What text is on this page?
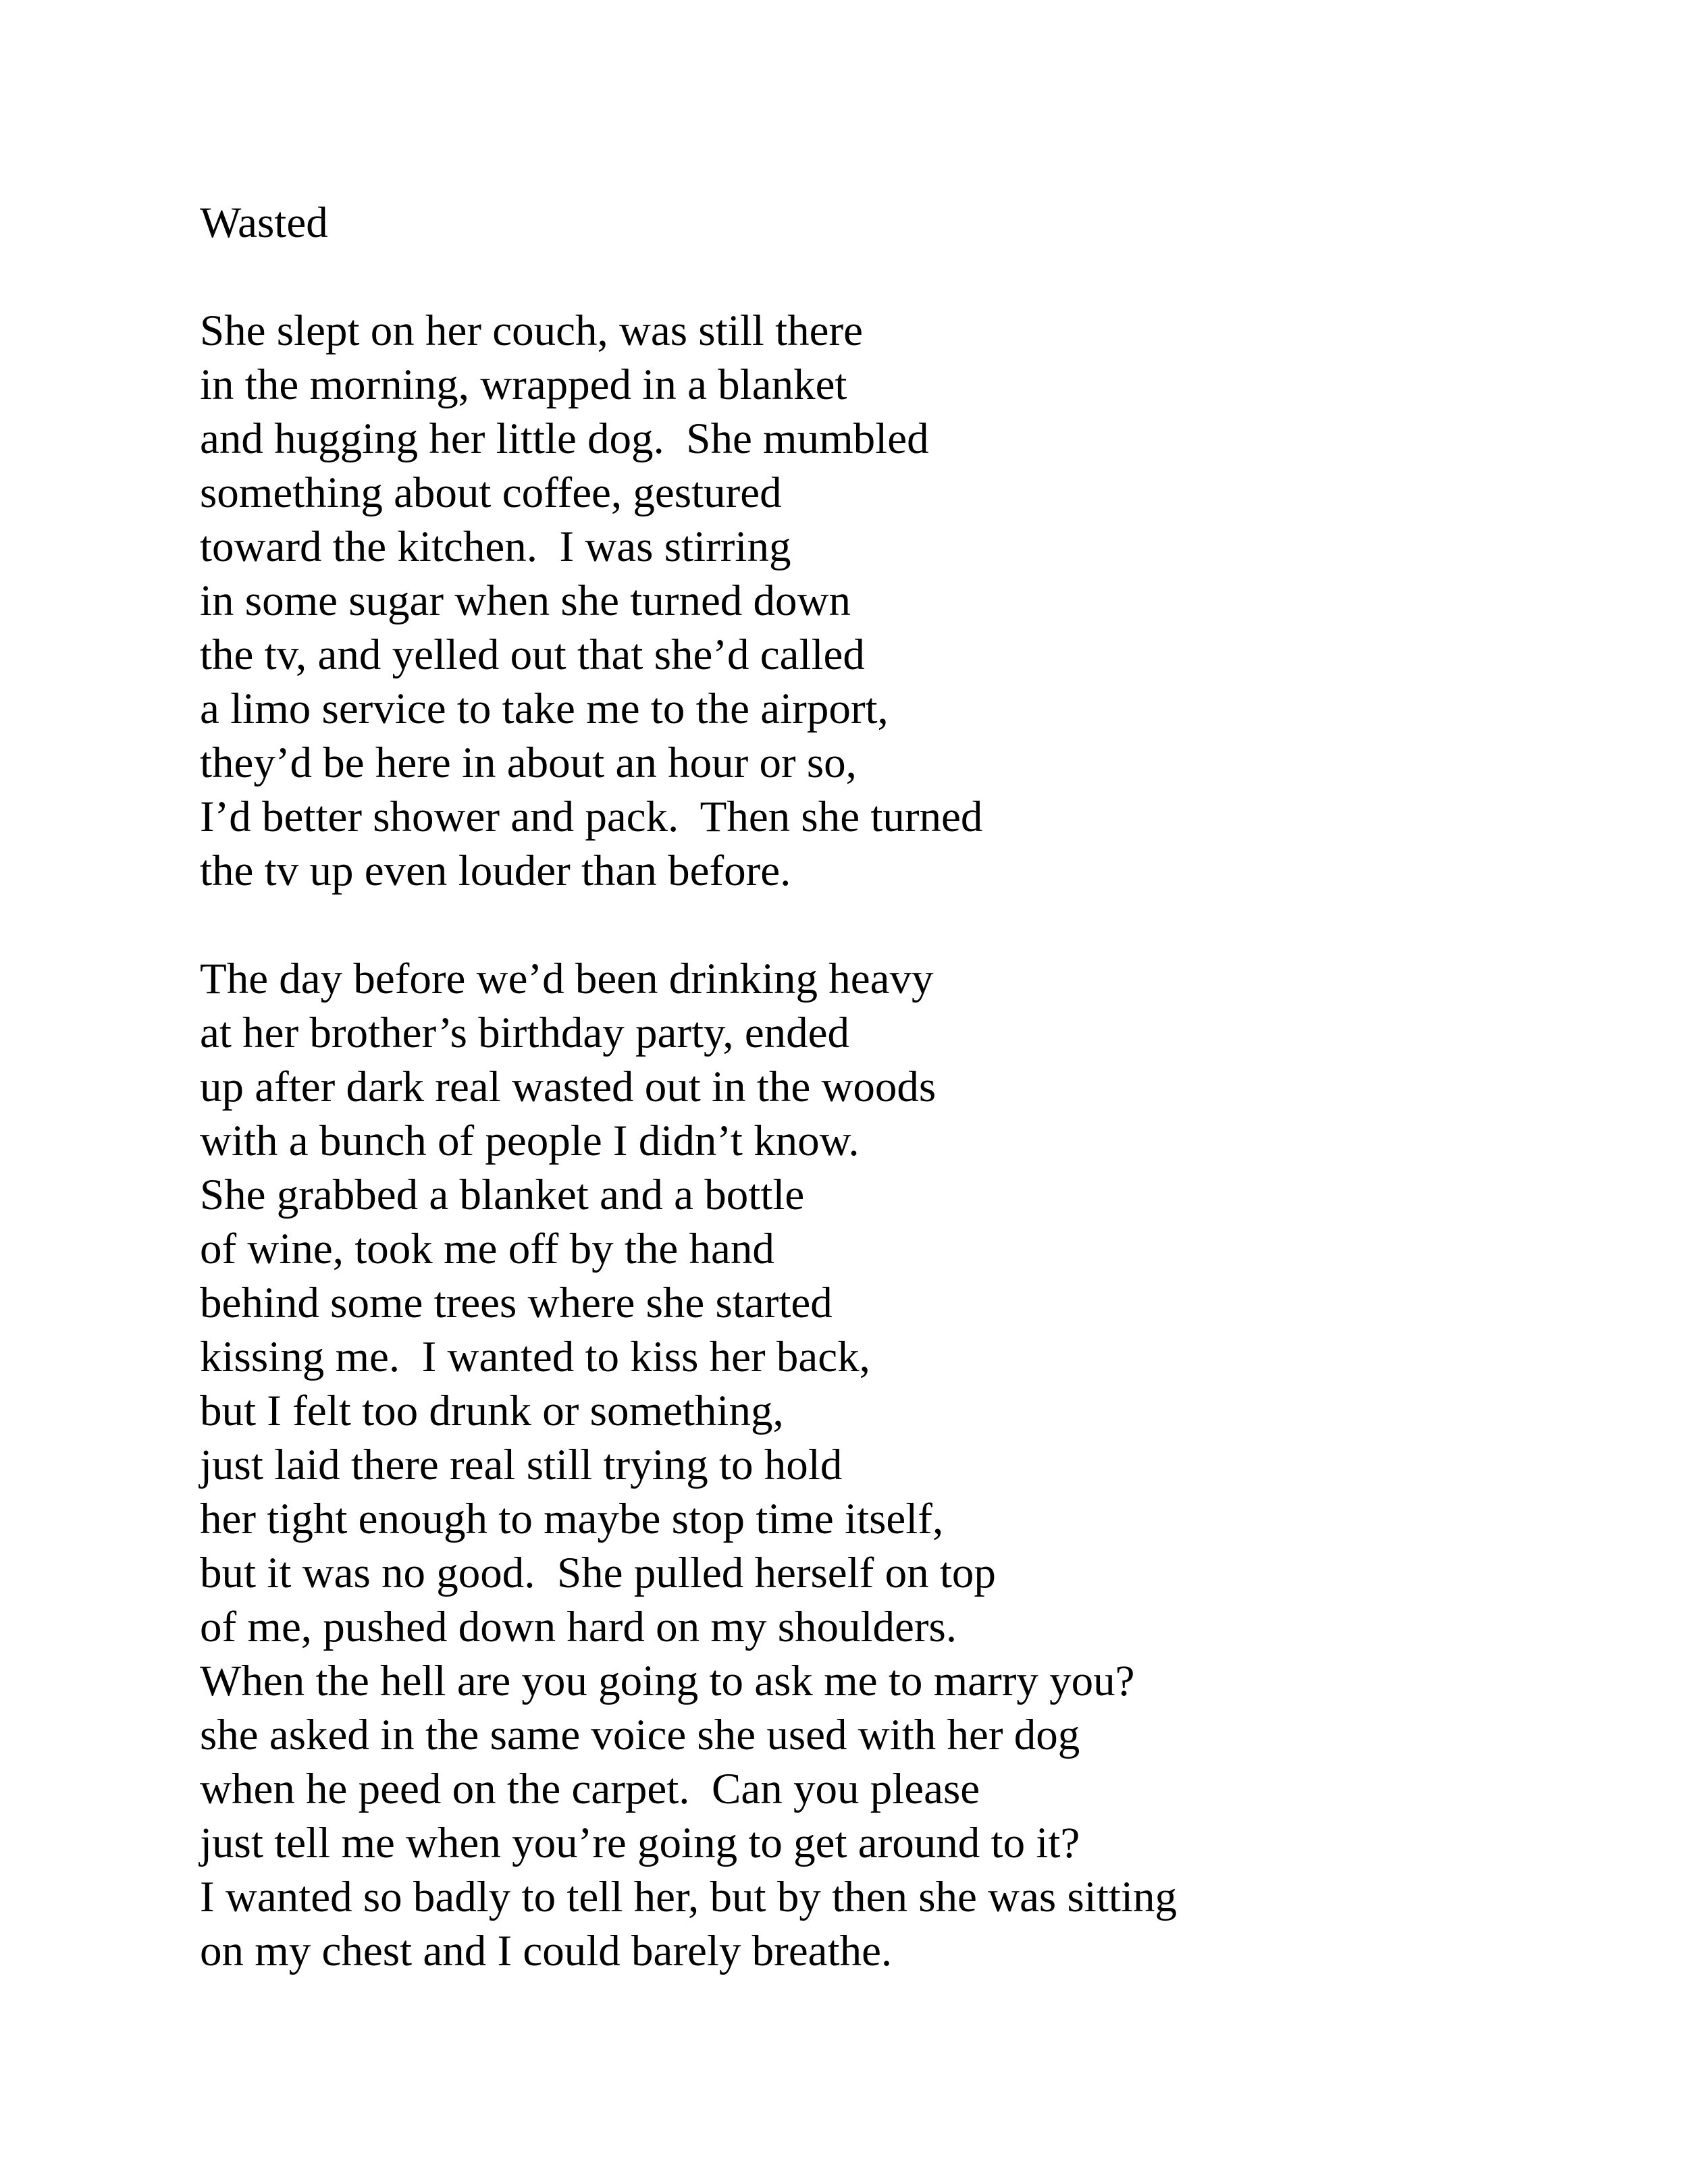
Wasted
She slept on her couch, was still there
in the morning, wrapped in a blanket
and hugging her little dog.  She mumbled
something about coffee, gestured
toward the kitchen.  I was stirring
in some sugar when she turned down
the tv, and yelled out that she’d called
a limo service to take me to the airport,
they’d be here in about an hour or so,
I’d better shower and pack.  Then she turned
the tv up even louder than before.
The day before we’d been drinking heavy
at her brother’s birthday party, ended
up after dark real wasted out in the woods
with a bunch of people I didn’t know.
She grabbed a blanket and a bottle
of wine, took me off by the hand
behind some trees where she started
kissing me.  I wanted to kiss her back,
but I felt too drunk or something,
just laid there real still trying to hold
her tight enough to maybe stop time itself,
but it was no good.  She pulled herself on top
of me, pushed down hard on my shoulders.
When the hell are you going to ask me to marry you?
she asked in the same voice she used with her dog
when he peed on the carpet.  Can you please
just tell me when you’re going to get around to it?
I wanted so badly to tell her, but by then she was sitting
on my chest and I could barely breathe.
